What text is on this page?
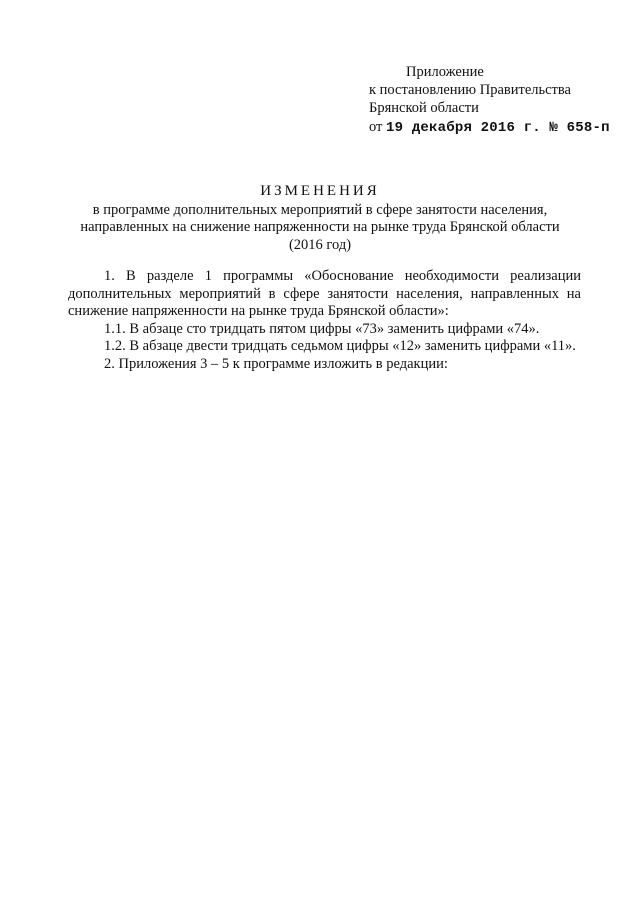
Приложение
к постановлению Правительства
Брянской области
от 19 декабря 2016 г. № 658-п
ИЗМЕНЕНИЯ
в программе дополнительных мероприятий в сфере занятости населения,
направленных на снижение напряженности на рынке труда Брянской области
(2016 год)

1. В разделе 1 программы «Обоснование необходимости реализации дополнительных мероприятий в сфере занятости населения, направленных на снижение напряженности на рынке труда Брянской области»:

1.1. В абзаце сто тридцать пятом цифры «73» заменить цифрами «74».

1.2. В абзаце двести тридцать седьмом цифры «12» заменить цифрами «11».

2. Приложения 3 – 5 к программе изложить в редакции:
